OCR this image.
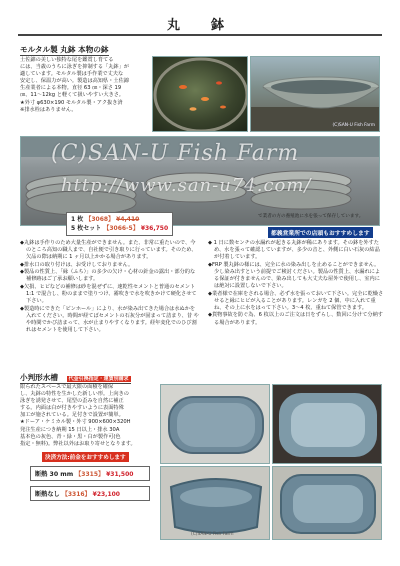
丸　鉢
モルタル製 丸鉢 本物の鉢
土佐錦の美しい独特な尾を鑑賞し育てる
には、当歳のうちに泳ぎを抑制する「丸鉢」が
適しています。モルタル製は手作業で丈夫な
安定し、保温力が高い。製造は高知県・土佐錦
生産業者による本物。直径 63 ㎝・深さ 19
㎝、11～12kg と軽くて扱いやすい大きさ。
★外寸 φ630×190 モルタル製・アク抜き済
※排水栓はありません。
(C)SAN-U Fish Farm
(C)SAN-U Fish Farm
http://www.san-u74.com/
1 枚 【3068】 ¥4,410
5 枚セット 【3066-5】 ¥36,750
で業者の方の養殖池に水を張って保存しています。
都義営業所での店頭もおすすめします

◆丸鉢は手作りのため大量生産ができません。また、非常に重たいので、今のところ高知の職人まで、自社便で引き取りに行っています。そのため、欠品の際は納期に 1 ヶ月以上かかる場合があります。

◆排水口の取り付けは、お受けしておりません。

◆製品の性質上、「縁（ふち）」の多少の欠け・心材の針金の露出・部分的な補修跡はご了承お願いします。

◆欠損、ヒビなどの補修は砂を混ぜずに、速乾性セメントと普通のセメント 1:1 で混合し、粉のままで塗りつけ、霧吹きで水を吹きかけて硬化させて下さい。

◆製造時にできた「ピンホール」により、水が染み出てきた場合は水ぬかを入れてください。時間が経てばセメントの石灰分が固まって詰まり、昔 やや時間でかび詰まって、水が止まりやすくなります。経年変化でのひび割れはセメントを使用して下さい。

◆ 1 日に数センチの水漏れが起きる丸鉢が稀にあります。その鉢を外すため、水を張って確認していますが、多少の音と、外側に白い石灰の結晶が付着しています。

◆FRP 製丸鉢の様には、完全に水の染み出しを止めることができません。少し染み出すという前提でご検討ください。製品の性質上、水漏れによる保証が付きませんので、染み出しても大丈夫な屋外で使用し、室内には絶対に設置しないで下さい。

◆業者様で在庫をされる場合、必ず水を張っておいて下さい。完全に乾燥させると縁にヒビが入ることがあります。レンガを 2 個、中に入れて重ね、その上に水をはって下さい。3～4 枚、重ねて保管できます。

◆貨物事故を防ぐ為、6 枚以上のご注文は日をずらし、数回に分けて分納する場合があります。

小判形水槽 代金引換指定・運賃別請求
限られたスペースで最大限の面積を確保
し、丸鉢の特性を生かした新しい形。上向きの
泳ぎを誘発させて、尾型の歪みを自然に補正
する。内面は白が付きやすいように表面特殊
加工が施されている。足付きで設置が簡単。
★ドーア・ケミカル製・外寸 900×600×320H
発注生産につき納期 15 日以上・排水 30A
基本色の灰色、青・緑・黒・白が製作可(色
指定・無料)。弊社以外はお取り寄せとなります。
決済方法:前金をおすすめします
断熱 30 mm 【3315】 ¥31,500
断熱なし 【3316】 ¥23,100
(C)SAN-U Fish Farm
